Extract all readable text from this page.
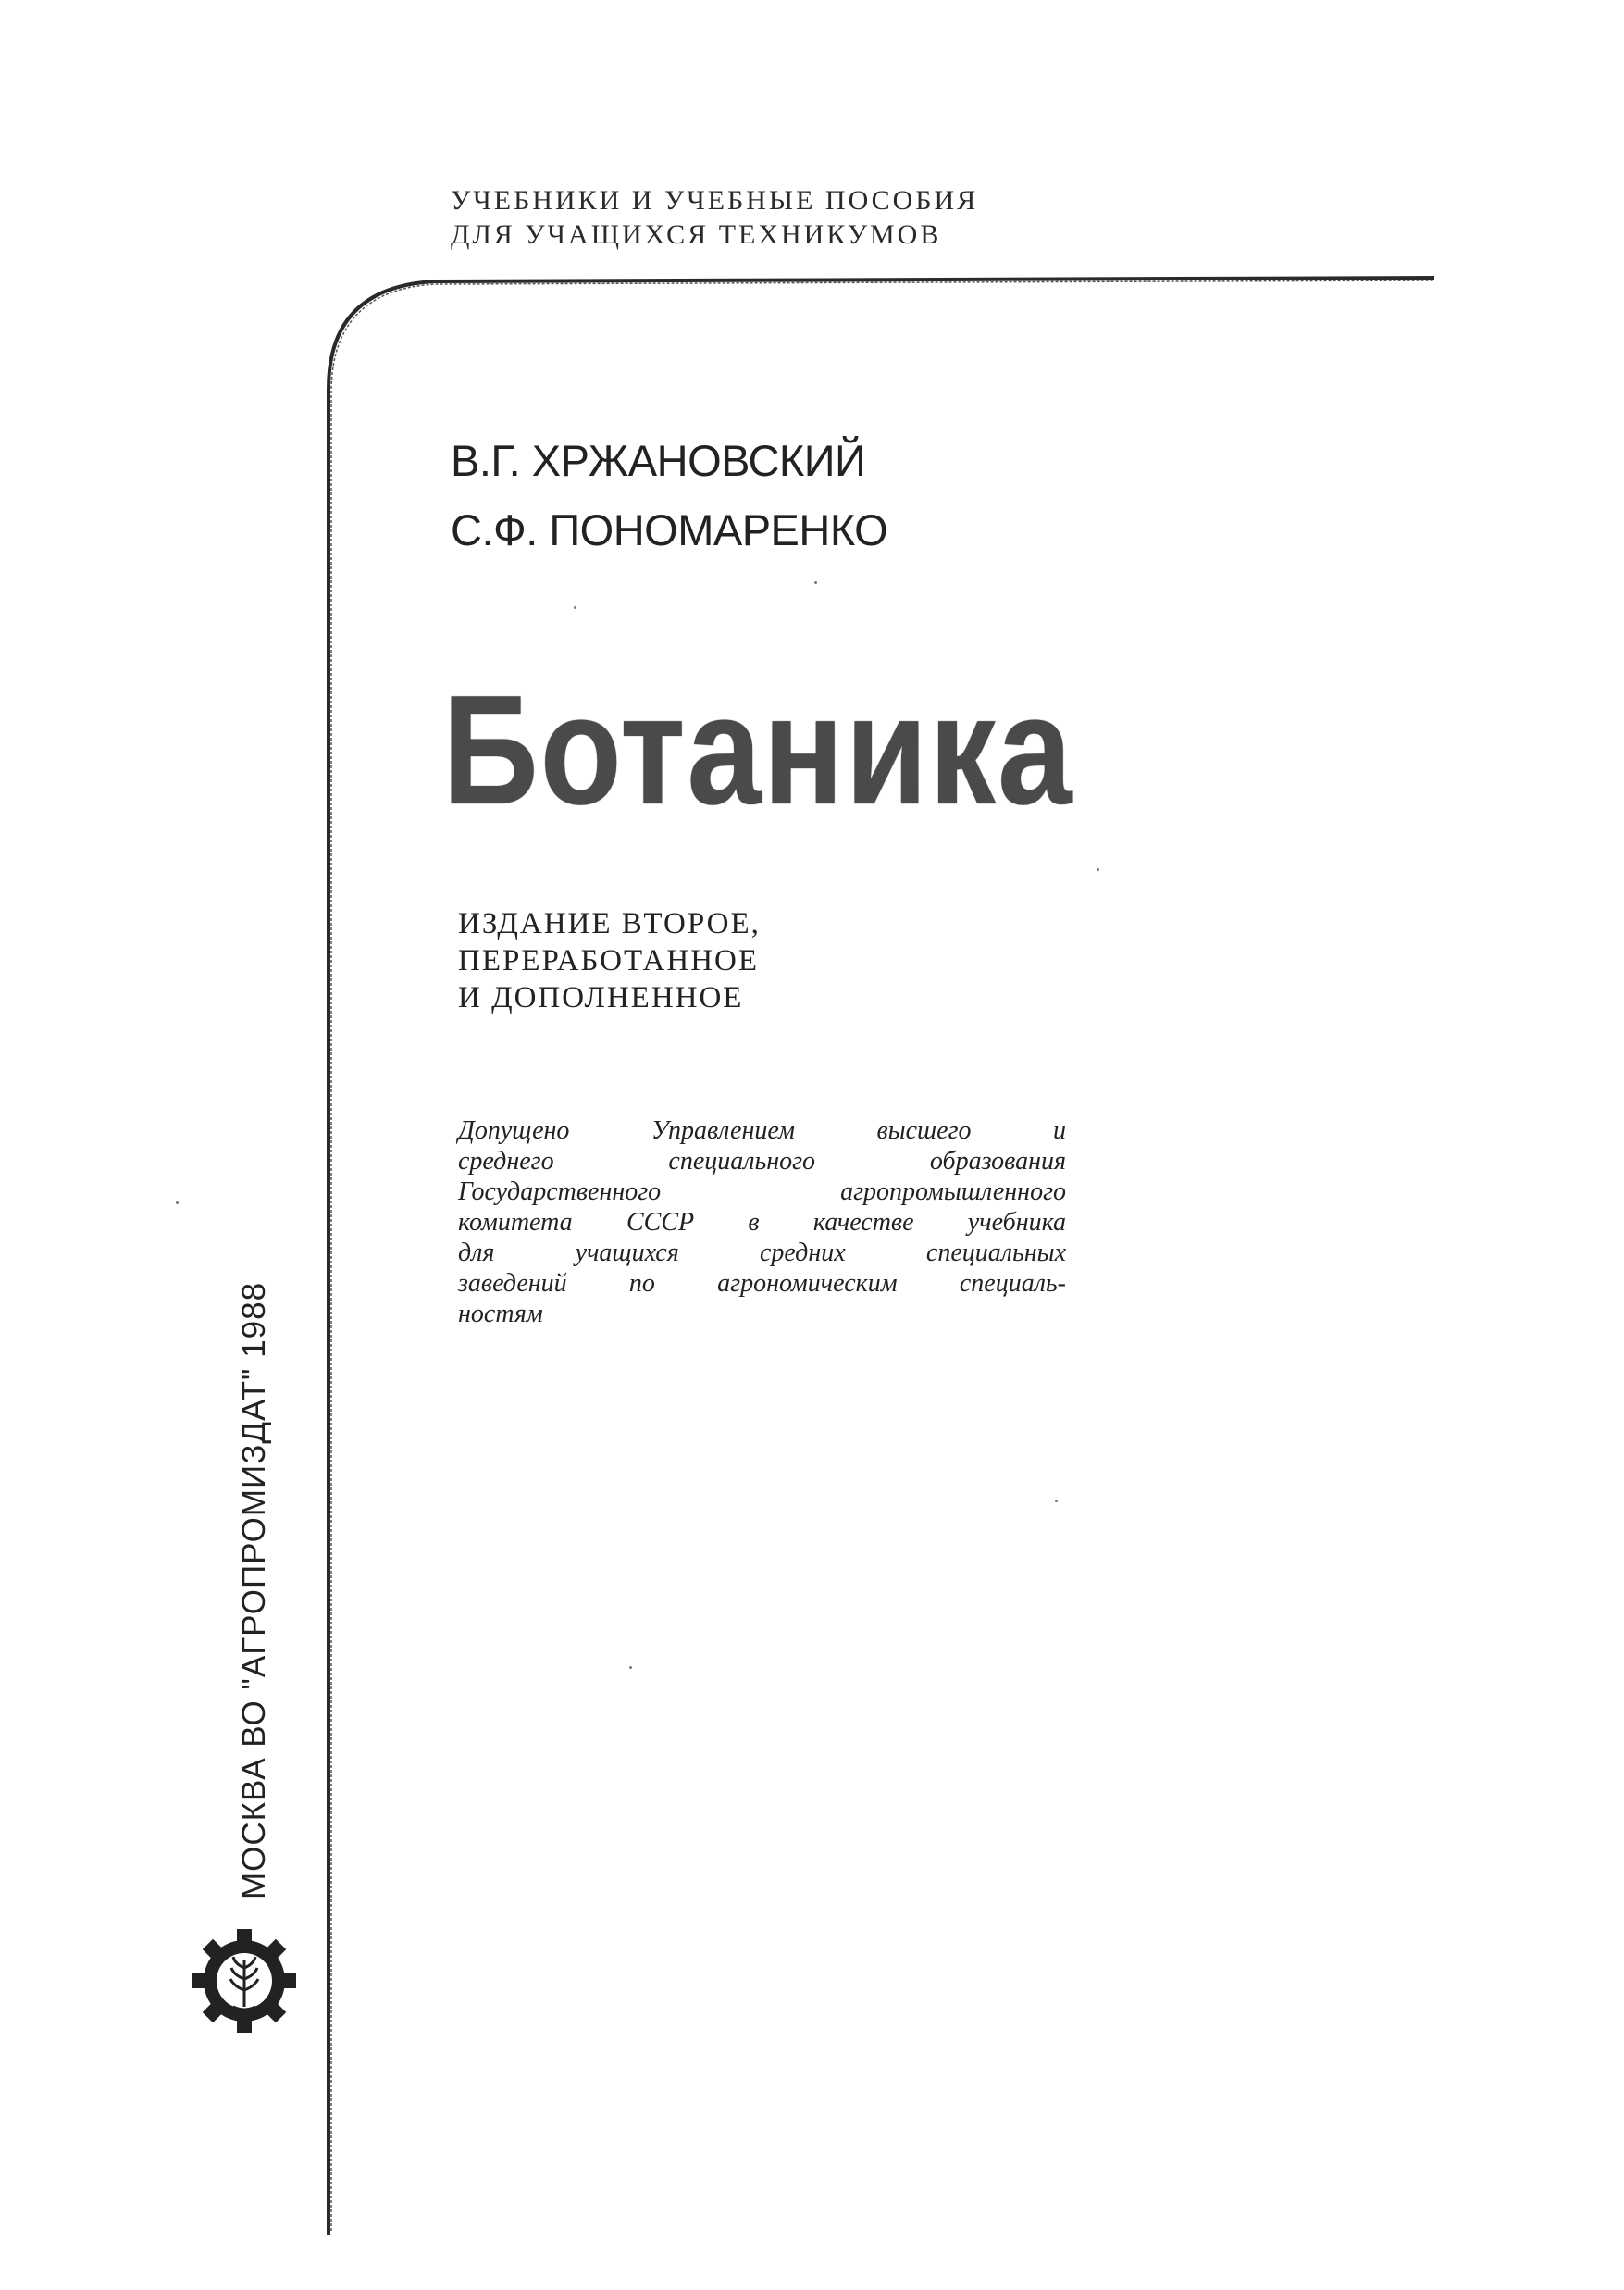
УЧЕБНИКИ И УЧЕБНЫЕ ПОСОБИЯ
ДЛЯ УЧАЩИХСЯ ТЕХНИКУМОВ
В.Г. ХРЖАНОВСКИЙ
С.Ф. ПОНОМАРЕНКО
Ботаника
ИЗДАНИЕ ВТОРОЕ,
ПЕРЕРАБОТАННОЕ
И ДОПОЛНЕННОЕ
Допущено Управлением высшего и
среднего специального образования
Государственного агропромышленного
комитета СССР в качестве учебника
для учащихся средних специальных
заведений по агрономическим специаль-
ностям
МОСКВА ВО "АГРОПРОМИЗДАТ" 1988
